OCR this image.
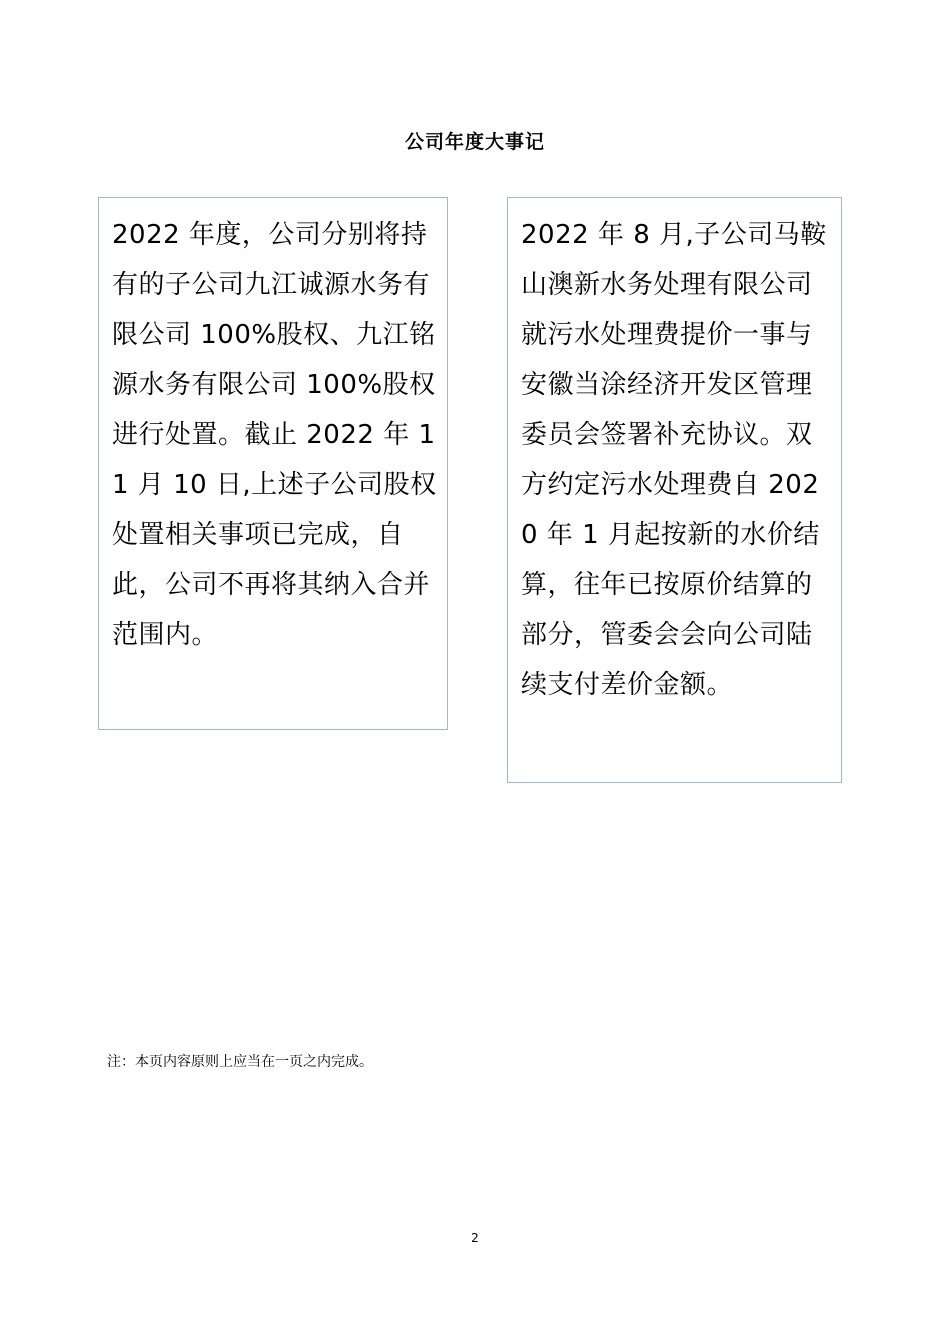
公司年度大事记

2022 年度，公司分别将持有的子公司九江诚源水务有限公司 100%股权、九江铭源水务有限公司 100%股权进行处置。截止 2022 年 11 月 10 日,上述子公司股权处置相关事项已完成，自此，公司不再将其纳入合并范围内。

2022 年 8 月,子公司马鞍山澳新水务处理有限公司就污水处理费提价一事与安徽当涂经济开发区管理委员会签署补充协议。双方约定污水处理费自 2020 年 1 月起按新的水价结算，往年已按原价结算的部分，管委会会向公司陆续支付差价金额。

注：本页内容原则上应当在一页之内完成。
2
